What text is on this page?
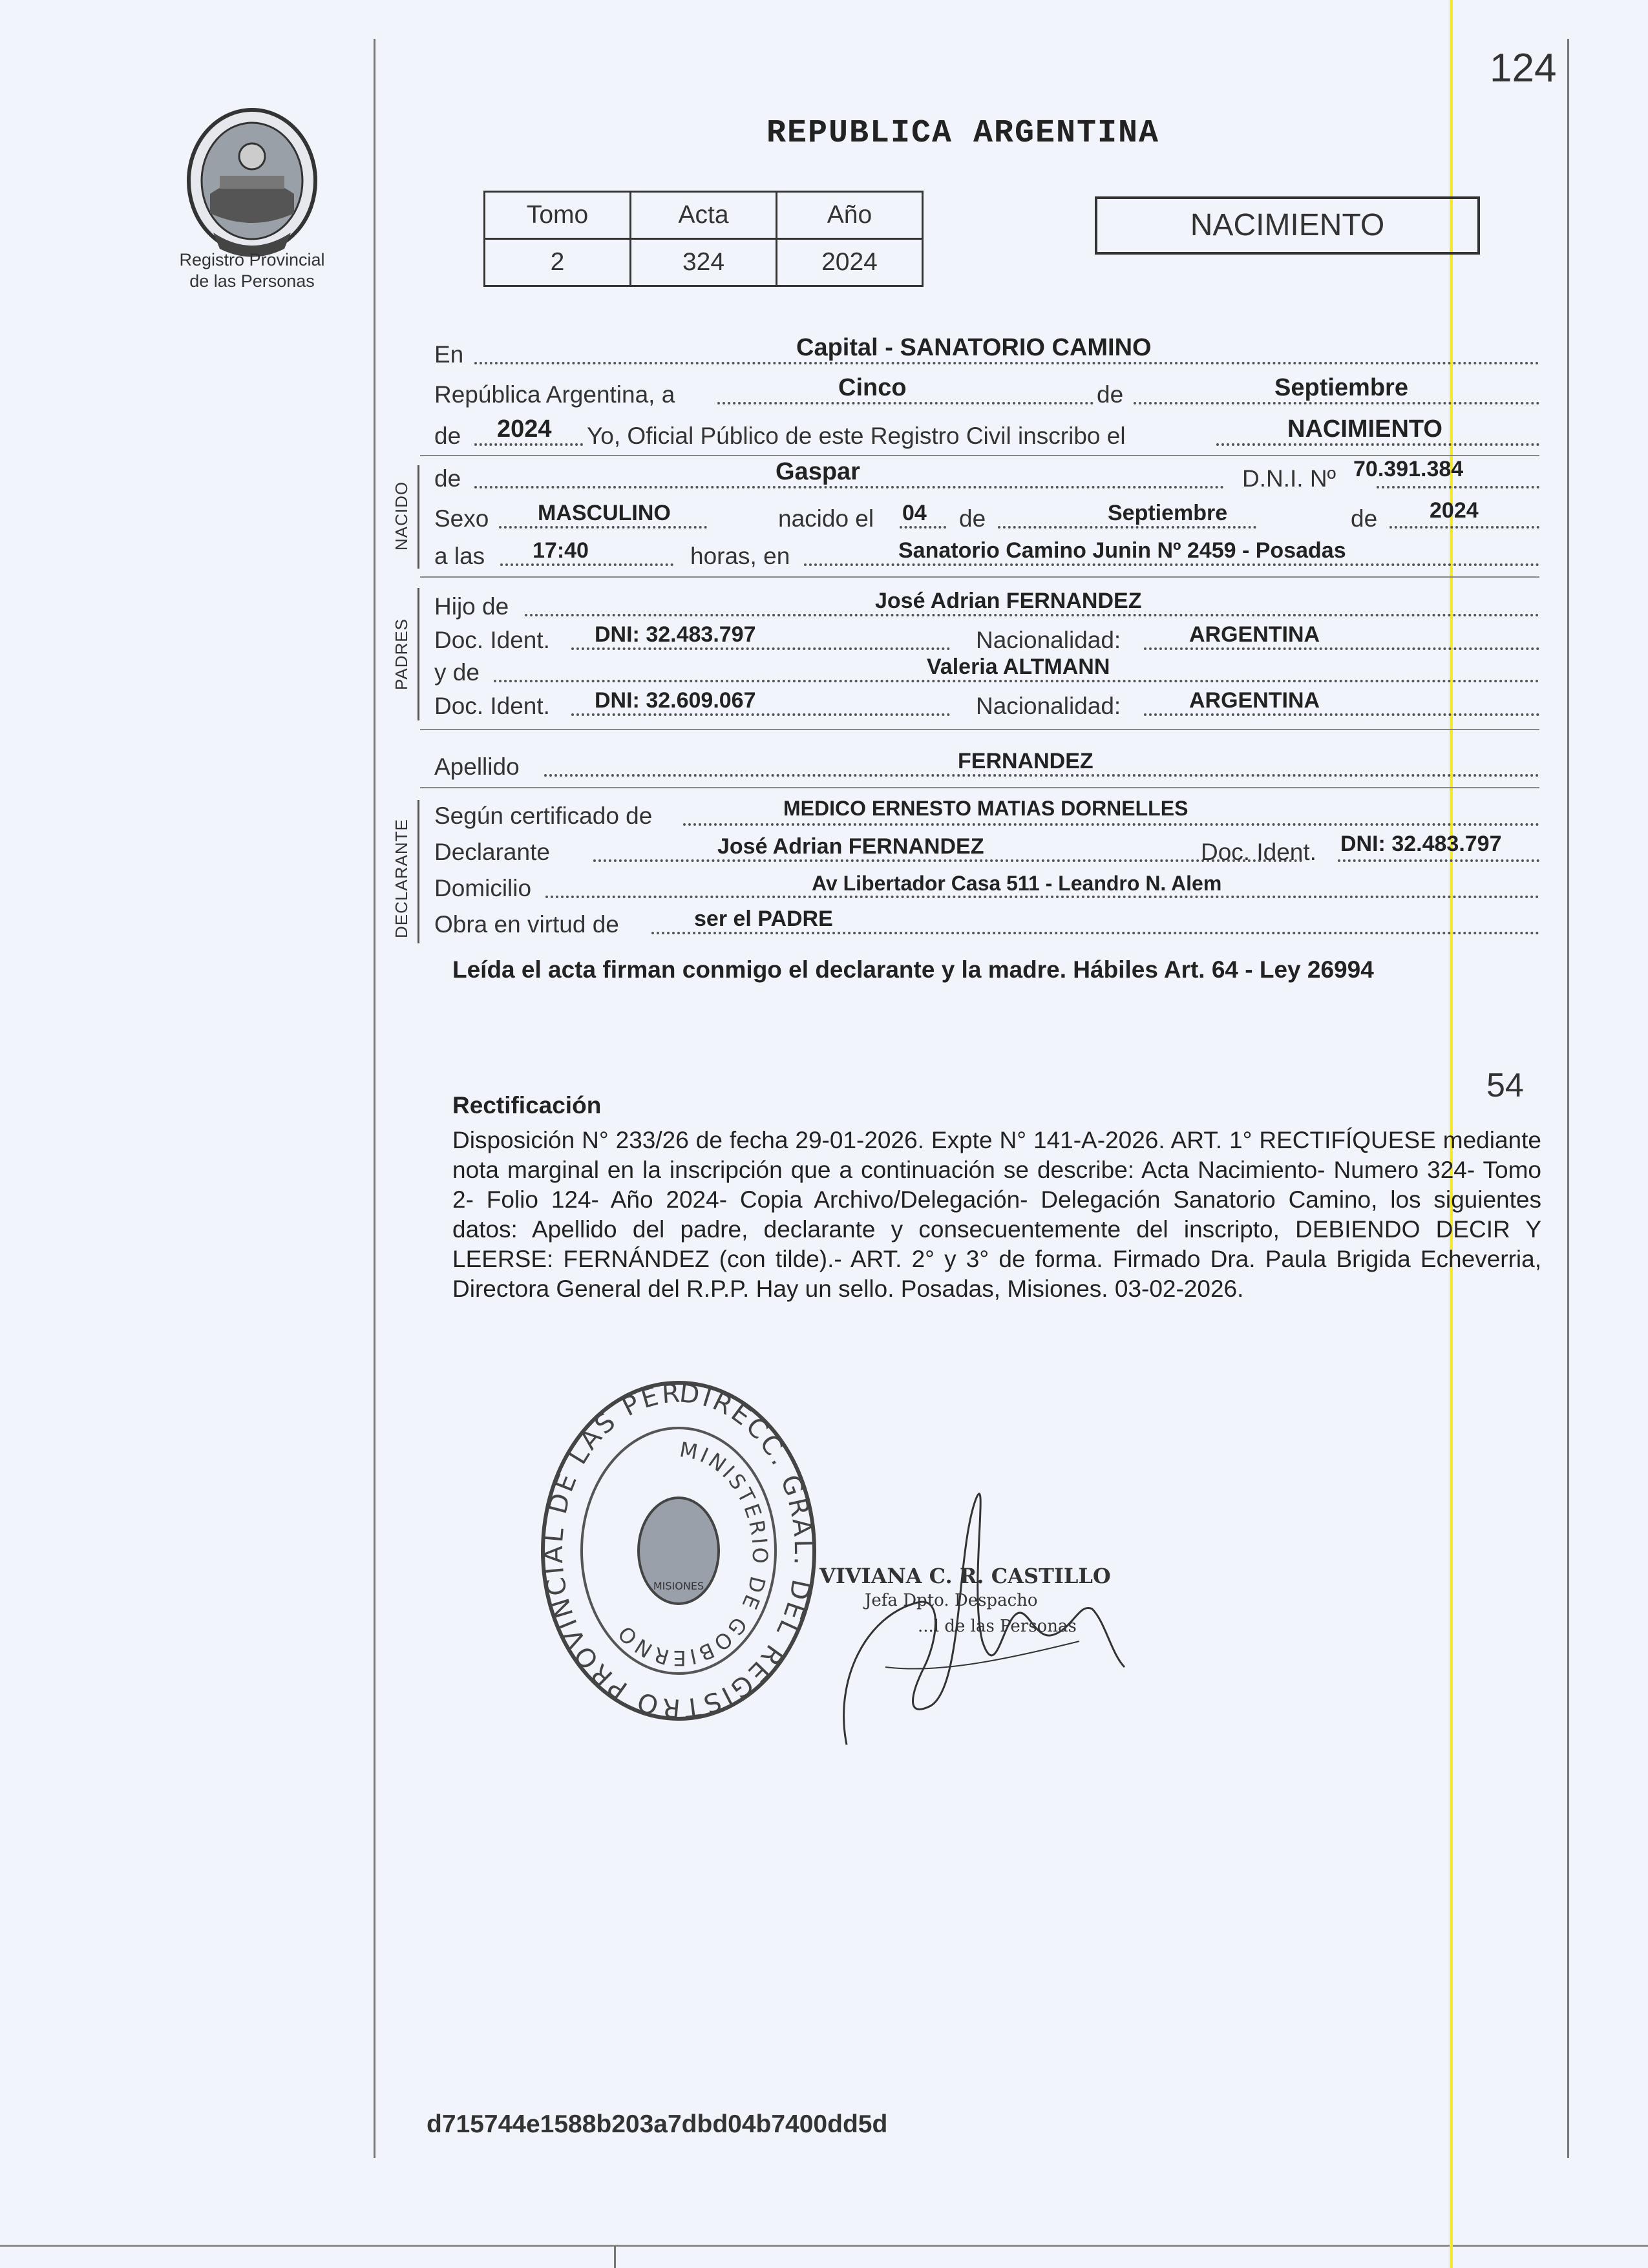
124
Registro Provincial
de las Personas
REPUBLICA ARGENTINA
Tomo	Acta	Año
2	324	2024
NACIMIENTO
En	Capital - SANATORIO CAMINO
República Argentina, a	Cinco	de	Septiembre
de 2024 Yo, Oficial Público de este Registro Civil inscribo el	NACIMIENTO
NACIDO
de	Gaspar	D.N.I. Nº 70.391.384
Sexo MASCULINO	nacido el 04 de	Septiembre	de 2024
a las 17:40	horas, en	Sanatorio Camino Junin Nº 2459 - Posadas
PADRES
Hijo de	José Adrian FERNANDEZ
Doc. Ident. DNI: 32.483.797	Nacionalidad:	ARGENTINA
y de	Valeria ALTMANN
Doc. Ident. DNI: 32.609.067	Nacionalidad:	ARGENTINA
Apellido	FERNANDEZ
DECLARANTE
Según certificado de	MEDICO ERNESTO MATIAS DORNELLES
Declarante	José Adrian FERNANDEZ	Doc. Ident. DNI: 32.483.797
Domicilio	Av Libertador Casa 511 - Leandro N. Alem
Obra en virtud de	ser el PADRE
Leída el acta firman conmigo el declarante y la madre. Hábiles Art. 64 - Ley 26994
54
Rectificación
Disposición N° 233/26 de fecha 29-01-2026. Expte N° 141-A-2026. ART. 1° RECTIFÍQUESE mediante nota marginal en la inscripción que a continuación se describe: Acta Nacimiento- Numero 324- Tomo 2- Folio 124- Año 2024- Copia Archivo/Delegación- Delegación Sanatorio Camino, los siguientes datos: Apellido del padre, declarante y consecuentemente del inscripto, DEBIENDO DECIR Y LEERSE: FERNÁNDEZ (con tilde).- ART. 2° y 3° de forma. Firmado Dra. Paula Brigida Echeverria, Directora General del R.P.P. Hay un sello. Posadas, Misiones. 03-02-2026.
DIRECC. GRAL. DEL REGISTRO PROVINCIAL DE LAS PER
MINISTERIO DE GOBIERNO
MISIONES	VIVIANA C. R. CASTILLO
Jefa Dpto. Despacho
...l de las Personas
d715744e1588b203a7dbd04b7400dd5d
